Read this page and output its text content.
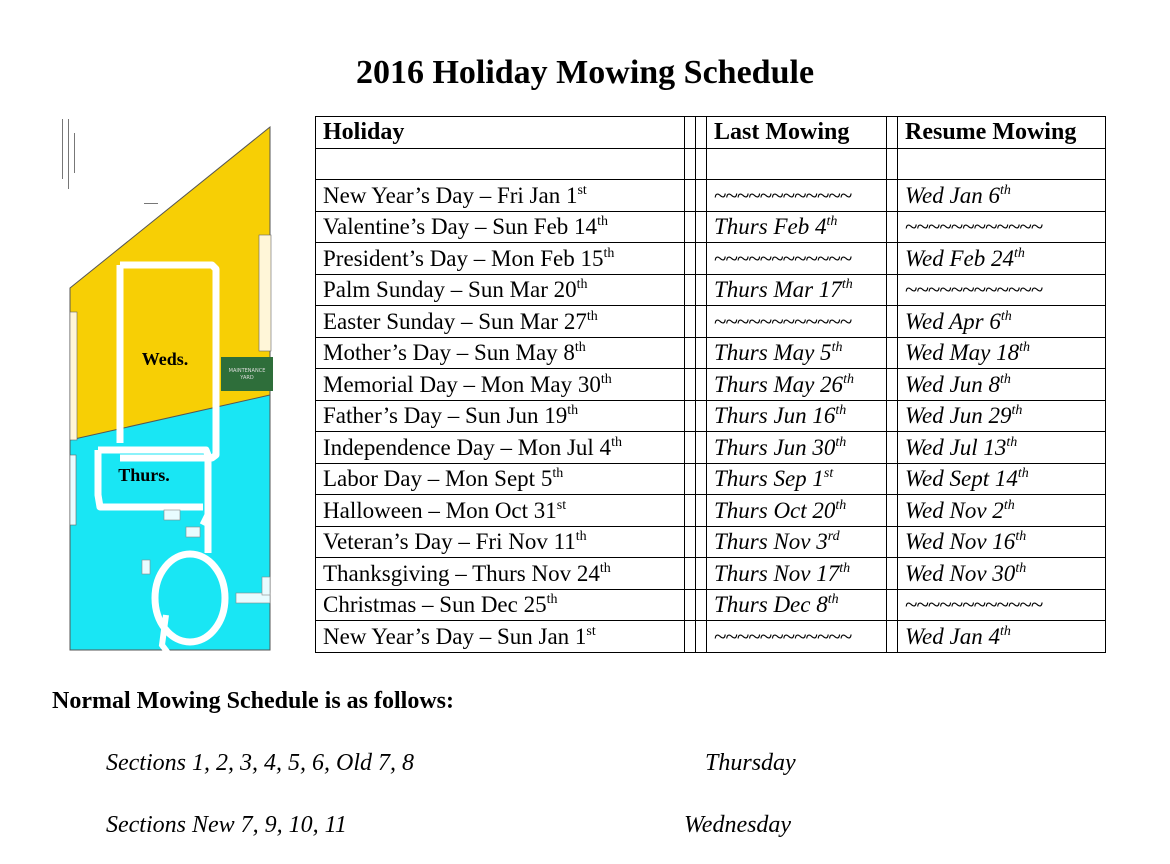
2016 Holiday Mowing Schedule
MAINTENANCE
YARD
Weds.
Thurs.
Holiday			Last Mowing		Resume Mowing

New Year’s Day – Fri Jan 1st			~~~~~~~~~~~~		Wed Jan 6th
Valentine’s Day – Sun Feb 14th			Thurs Feb 4th		~~~~~~~~~~~~
President’s Day – Mon Feb 15th			~~~~~~~~~~~~		Wed Feb 24th
Palm Sunday – Sun Mar 20th			Thurs Mar 17th		~~~~~~~~~~~~
Easter Sunday – Sun Mar 27th			~~~~~~~~~~~~		Wed Apr 6th
Mother’s Day – Sun May 8th			Thurs May 5th		Wed May 18th
Memorial Day – Mon May 30th			Thurs May 26th		Wed Jun 8th
Father’s Day – Sun Jun 19th			Thurs Jun 16th		Wed Jun 29th
Independence Day – Mon Jul 4th			Thurs Jun 30th		Wed Jul 13th
Labor Day – Mon Sept 5th			Thurs Sep 1st		Wed Sept 14th
Halloween – Mon Oct 31st			Thurs Oct 20th		Wed Nov 2th
Veteran’s Day – Fri Nov 11th			Thurs Nov 3rd		Wed Nov 16th
Thanksgiving – Thurs Nov 24th			Thurs Nov 17th		Wed Nov 30th
Christmas – Sun Dec 25th			Thurs Dec 8th		~~~~~~~~~~~~
New Year’s Day – Sun Jan 1st			~~~~~~~~~~~~		Wed Jan 4th
Normal Mowing Schedule is as follows:
Sections 1, 2, 3, 4, 5, 6, Old 7, 8	Thursday
Sections New 7, 9, 10, 11	Wednesday
